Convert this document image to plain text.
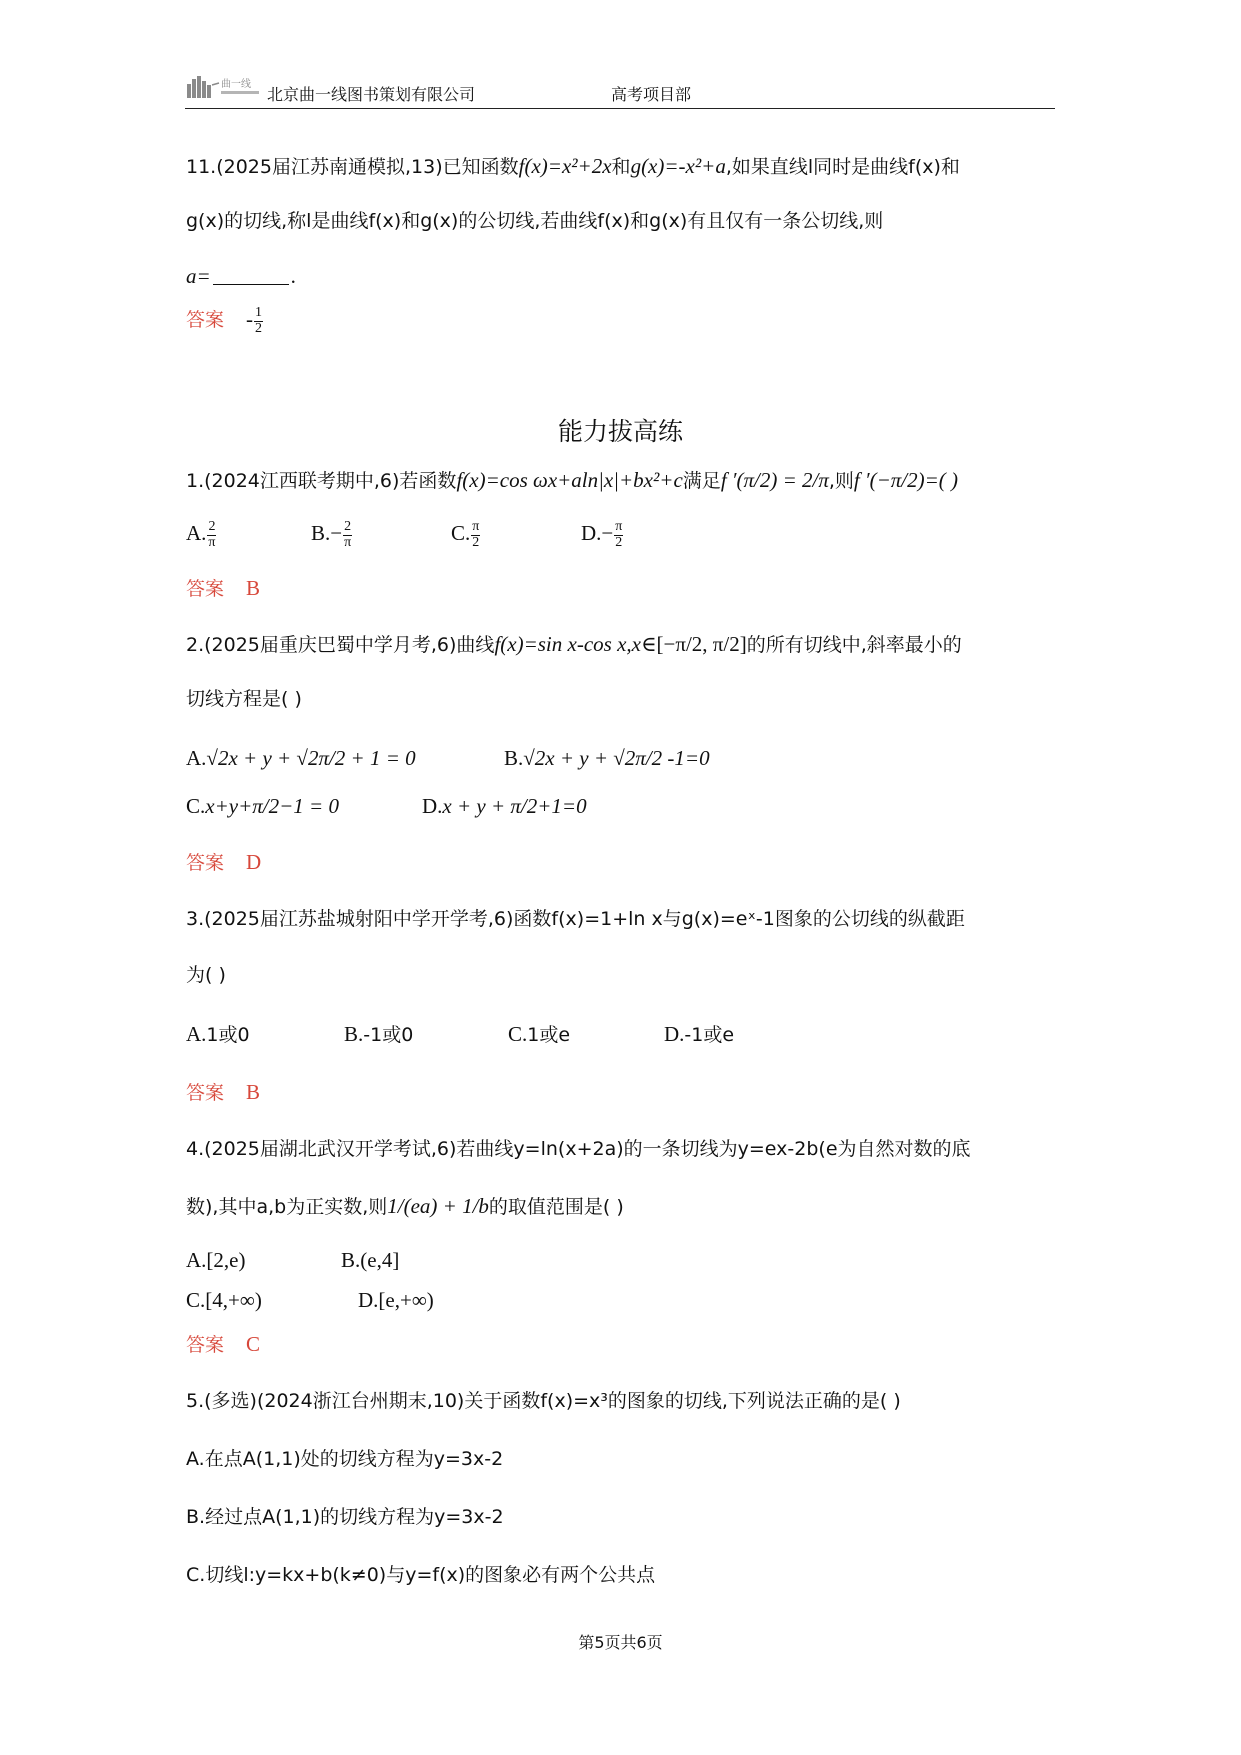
曲一线
北京曲一线图书策划有限公司	高考项目部
11.(2025届江苏南通模拟,13)已知函数f(x)=x²+2x和g(x)=-x²+a,如果直线l同时是曲线f(x)和
g(x)的切线,称l是曲线f(x)和g(x)的公切线,若曲线f(x)和g(x)有且仅有一条公切线,则
a=	.
答案 - $\frac{1}{2}$
能力拔高练
1.(2024江西联考期中,6)若函数f(x)=cos ωx+aln|x|+bx²+c满足f ′(π/2) = 2/π,则f ′(−π/2)=( )
A. $\frac{2}{\pi}$	$B.- \frac{2}{\pi}$	C. $\frac{\pi}{2}$	$D.- \frac{\pi}{2}$
答案 B
2.(2025届重庆巴蜀中学月考,6)曲线f(x)=sin x-cos x,x∈[−π/2, π/2]的所有切线中,斜率最小的
切线方程是( )
A.√2x + y + √2π/2 + 1 = 0	B.√2x + y + √2π/2 -1=0
C.x+y+π/2−1 = 0	D.x + y + π/2+1=0
答案 D
3.(2025届江苏盐城射阳中学开学考,6)函数f(x)=1+ln x与g(x)=eˣ-1图象的公切线的纵截距
为( )
A.1或0	B.-1或0	C.1或e	D.-1或e
答案 B
4.(2025届湖北武汉开学考试,6)若曲线y=ln(x+2a)的一条切线为y=ex-2b(e为自然对数的底
数),其中a,b为正实数,则1/(ea) + 1/b的取值范围是( )
A.[2,e)	B.(e,4]
C.[4,+∞)	D.[e,+∞)
答案 C
5.(多选)(2024浙江台州期末,10)关于函数f(x)=x³的图象的切线,下列说法正确的是( )
A.在点A(1,1)处的切线方程为y=3x-2
B.经过点A(1,1)的切线方程为y=3x-2
C.切线l:y=kx+b(k≠0)与y=f(x)的图象必有两个公共点
第5页共6页
